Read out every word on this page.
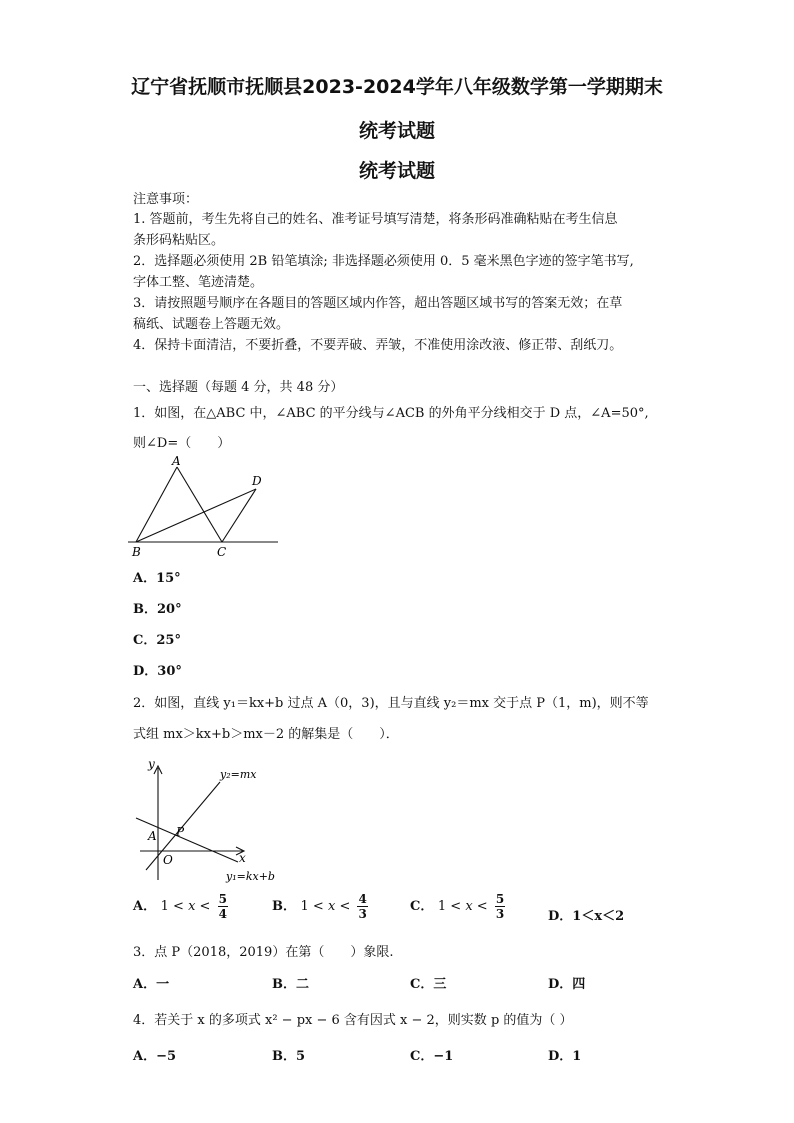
辽宁省抚顺市抚顺县2023-2024学年八年级数学第一学期期末
统考试题
统考试题
注意事项：
1. 答题前，考生先将自己的姓名、准考证号填写清楚，将条形码准确粘贴在考生信息
条形码粘贴区。
2．选择题必须使用 2B 铅笔填涂; 非选择题必须使用 0．5 毫米黑色字迹的签字笔书写,
字体工整、笔迹清楚。
3．请按照题号顺序在各题目的答题区域内作答，超出答题区域书写的答案无效；在草
稿纸、试题卷上答题无效。
4．保持卡面清洁，不要折叠，不要弄破、弄皱，不准使用涂改液、修正带、刮纸刀。
一、选择题（每题 4 分，共 48 分）
1．如图，在△ABC 中，∠ABC 的平分线与∠ACB 的外角平分线相交于 D 点，∠A=50°,
则∠D=（　　）
A
B	C
D
A．15°
B．20°
C．25°
D．30°
2．如图，直线 y₁＝kx+b 过点 A（0，3)，且与直线 y₂＝mx 交于点 P（1，m)，则不等
式组 mx＞kx+b＞mx－2 的解集是（　　）．
y
x
O
A P
y₂=mx
y₁=kx+b
A． $1 < x < \frac{5}{4}$	B． $1 < x < \frac{4}{3}$	C． $1 < x < \frac{5}{3}$	D．1＜x＜2
3．点 P（2018，2019）在第（　　）象限.
A．一	B．二	C．三	D．四
4．若关于 x 的多项式 x² − px − 6 含有因式 x − 2，则实数 p 的值为（ ）
A．−5	B．5	C．−1	D．1
